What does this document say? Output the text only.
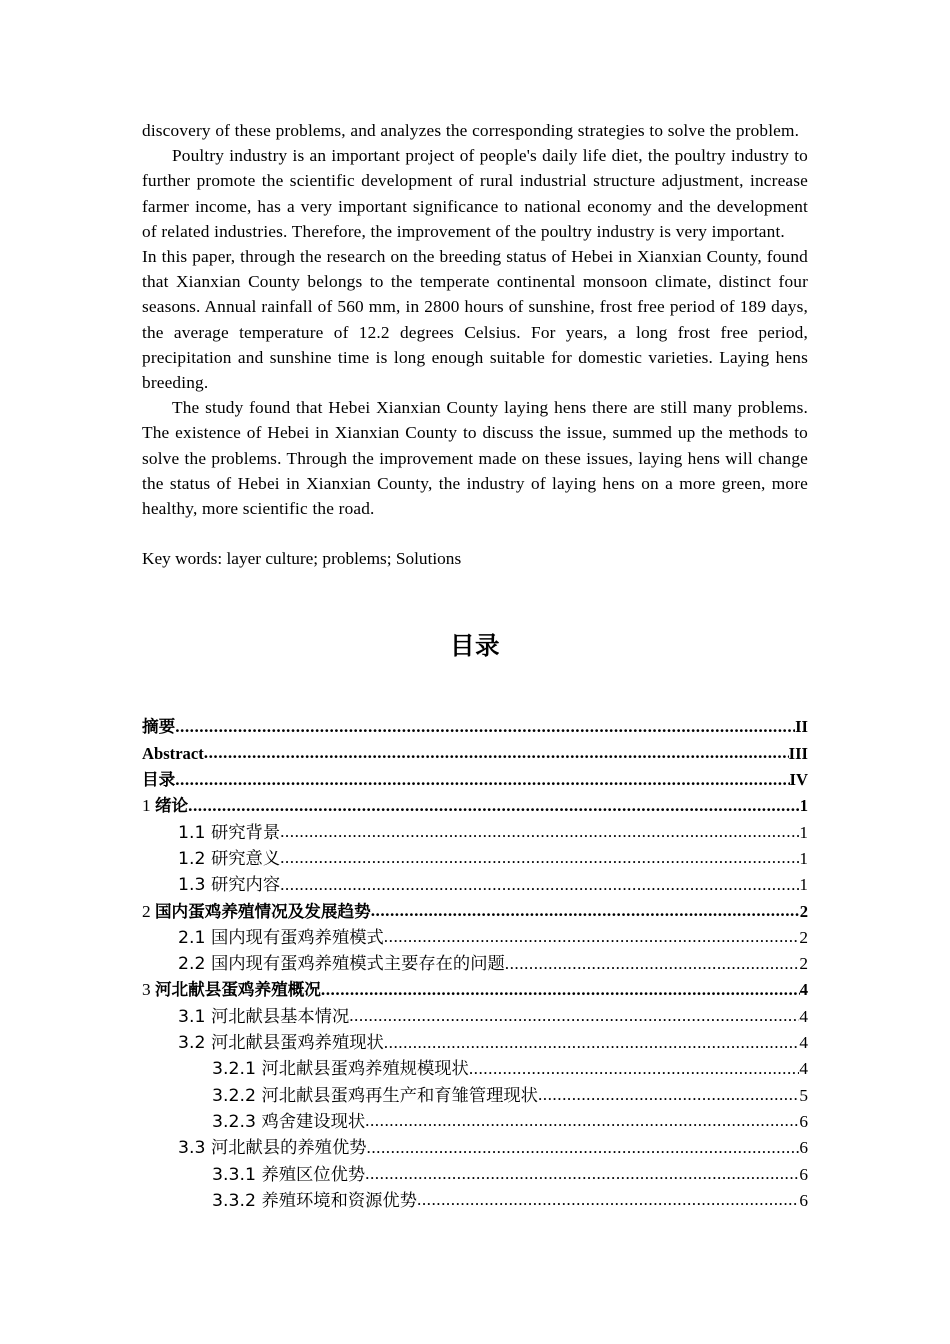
discovery of these problems, and analyzes the corresponding strategies to solve the problem.

Poultry industry is an important project of people's daily life diet, the poultry industry to further promote the scientific development of rural industrial structure adjustment, increase farmer income, has a very important significance to national economy and the development of related industries. Therefore, the improvement of the poultry industry is very important.

In this paper, through the research on the breeding status of Hebei in Xianxian County, found that Xianxian County belongs to the temperate continental monsoon climate, distinct four seasons. Annual rainfall of 560 mm, in 2800 hours of sunshine, frost free period of 189 days, the average temperature of 12.2 degrees Celsius. For years, a long frost free period, precipitation and sunshine time is long enough suitable for domestic varieties. Laying hens breeding.

The study found that Hebei Xianxian County laying hens there are still many problems. The existence of Hebei in Xianxian County to discuss the issue, summed up the methods to solve the problems. Through the improvement made on these issues, laying hens will change the status of Hebei in Xianxian County, the industry of laying hens on a more green, more healthy, more scientific the road.

Key words: layer culture; problems; Solutions

目录
摘要 .....	II
Abstract .....	III
目录 .....	IV
1 绪论 .....	1
1.1 研究背景 .....	1
1.2 研究意义 .....	1
1.3 研究内容 .....	1
2 国内蛋鸡养殖情况及发展趋势 .....	2
2.1 国内现有蛋鸡养殖模式 .....	2
2.2 国内现有蛋鸡养殖模式主要存在的问题 .....	2
3 河北献县蛋鸡养殖概况 .....	4
3.1 河北献县基本情况 .....	4
3.2 河北献县蛋鸡养殖现状 .....	4
3.2.1 河北献县蛋鸡养殖规模现状 .....	4
3.2.2 河北献县蛋鸡再生产和育雏管理现状 .....	5
3.2.3 鸡舍建设现状 .....	6
3.3 河北献县的养殖优势 .....	6
3.3.1 养殖区位优势 .....	6
3.3.2 养殖环境和资源优势 .....	6
